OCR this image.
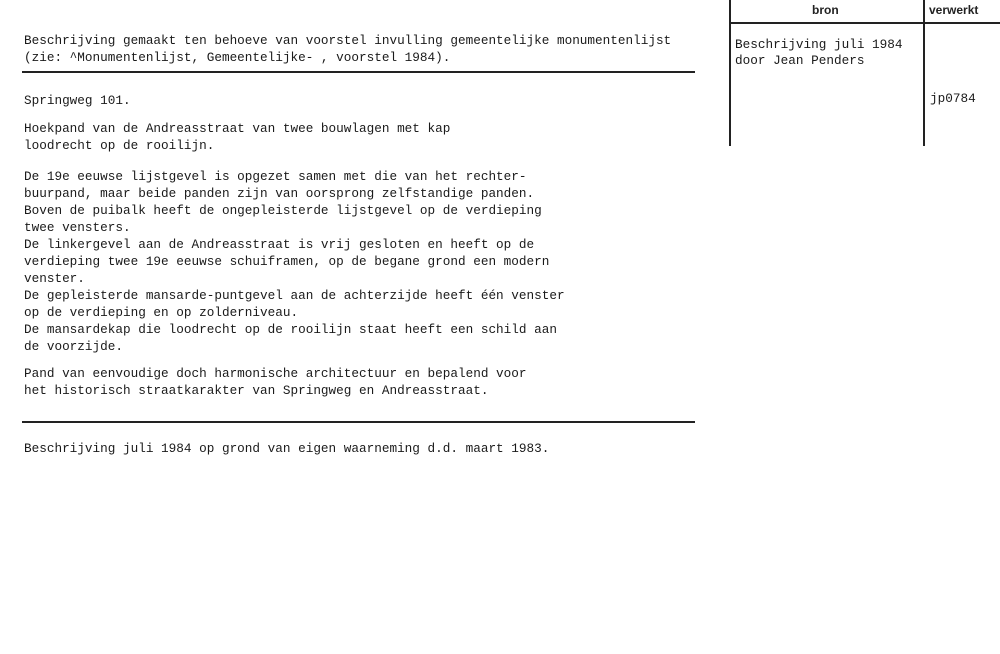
bron	verwerkt
Beschrijving juli 1984
door Jean Penders
jp0784
Beschrijving gemaakt ten behoeve van voorstel invulling gemeentelijke monumentenlijst
(zie: ^Monumentenlijst, Gemeentelijke- , voorstel 1984).
Springweg 101.
Hoekpand van de Andreasstraat van twee bouwlagen met kap
loodrecht op de rooilijn.
De 19e eeuwse lijstgevel is opgezet samen met die van het rechter-
buurpand, maar beide panden zijn van oorsprong zelfstandige panden.
Boven de puibalk heeft de ongepleisterde lijstgevel op de verdieping
twee vensters.
De linkergevel aan de Andreasstraat is vrij gesloten en heeft op de
verdieping twee 19e eeuwse schuiframen, op de begane grond een modern
venster.
De gepleisterde mansarde-puntgevel aan de achterzijde heeft één venster
op de verdieping en op zolderniveau.
De mansardekap die loodrecht op de rooilijn staat heeft een schild aan
de voorzijde.
Pand van eenvoudige doch harmonische architectuur en bepalend voor
het historisch straatkarakter van Springweg en Andreasstraat.
Beschrijving juli 1984 op grond van eigen waarneming d.d. maart 1983.
